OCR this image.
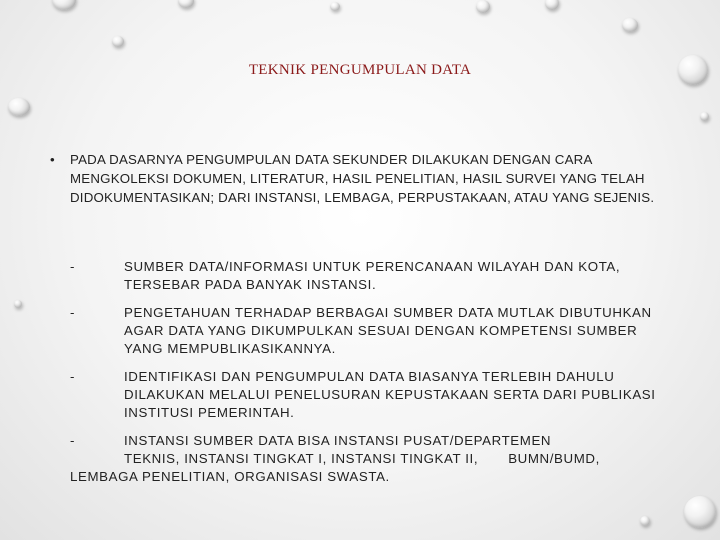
TEKNIK PENGUMPULAN DATA
• PADA DASARNYA PENGUMPULAN DATA SEKUNDER DILAKUKAN DENGAN CARA MENGKOLEKSI DOKUMEN, LITERATUR, HASIL PENELITIAN, HASIL SURVEI YANG TELAH DIDOKUMENTASIKAN; DARI INSTANSI, LEMBAGA, PERPUSTAKAAN, ATAU YANG SEJENIS.
-	SUMBER DATA/INFORMASI UNTUK PERENCANAAN WILAYAH DAN KOTA, TERSEBAR PADA BANYAK INSTANSI.
-	PENGETAHUAN TERHADAP BERBAGAI SUMBER DATA MUTLAK DIBUTUHKAN AGAR DATA YANG DIKUMPULKAN SESUAI DENGAN KOMPETENSI SUMBER YANG MEMPUBLIKASIKANNYA.
-	IDENTIFIKASI DAN PENGUMPULAN DATA BIASANYA TERLEBIH DAHULU DILAKUKAN MELALUI PENELUSURAN KEPUSTAKAAN SERTA DARI PUBLIKASI INSTITUSI PEMERINTAH.
-	INSTANSI SUMBER DATA BISA INSTANSI PUSAT/DEPARTEMEN
TEKNIS, INSTANSI TINGKAT I, INSTANSI TINGKAT II,       BUMN/BUMD,
LEMBAGA PENELITIAN, ORGANISASI SWASTA.
